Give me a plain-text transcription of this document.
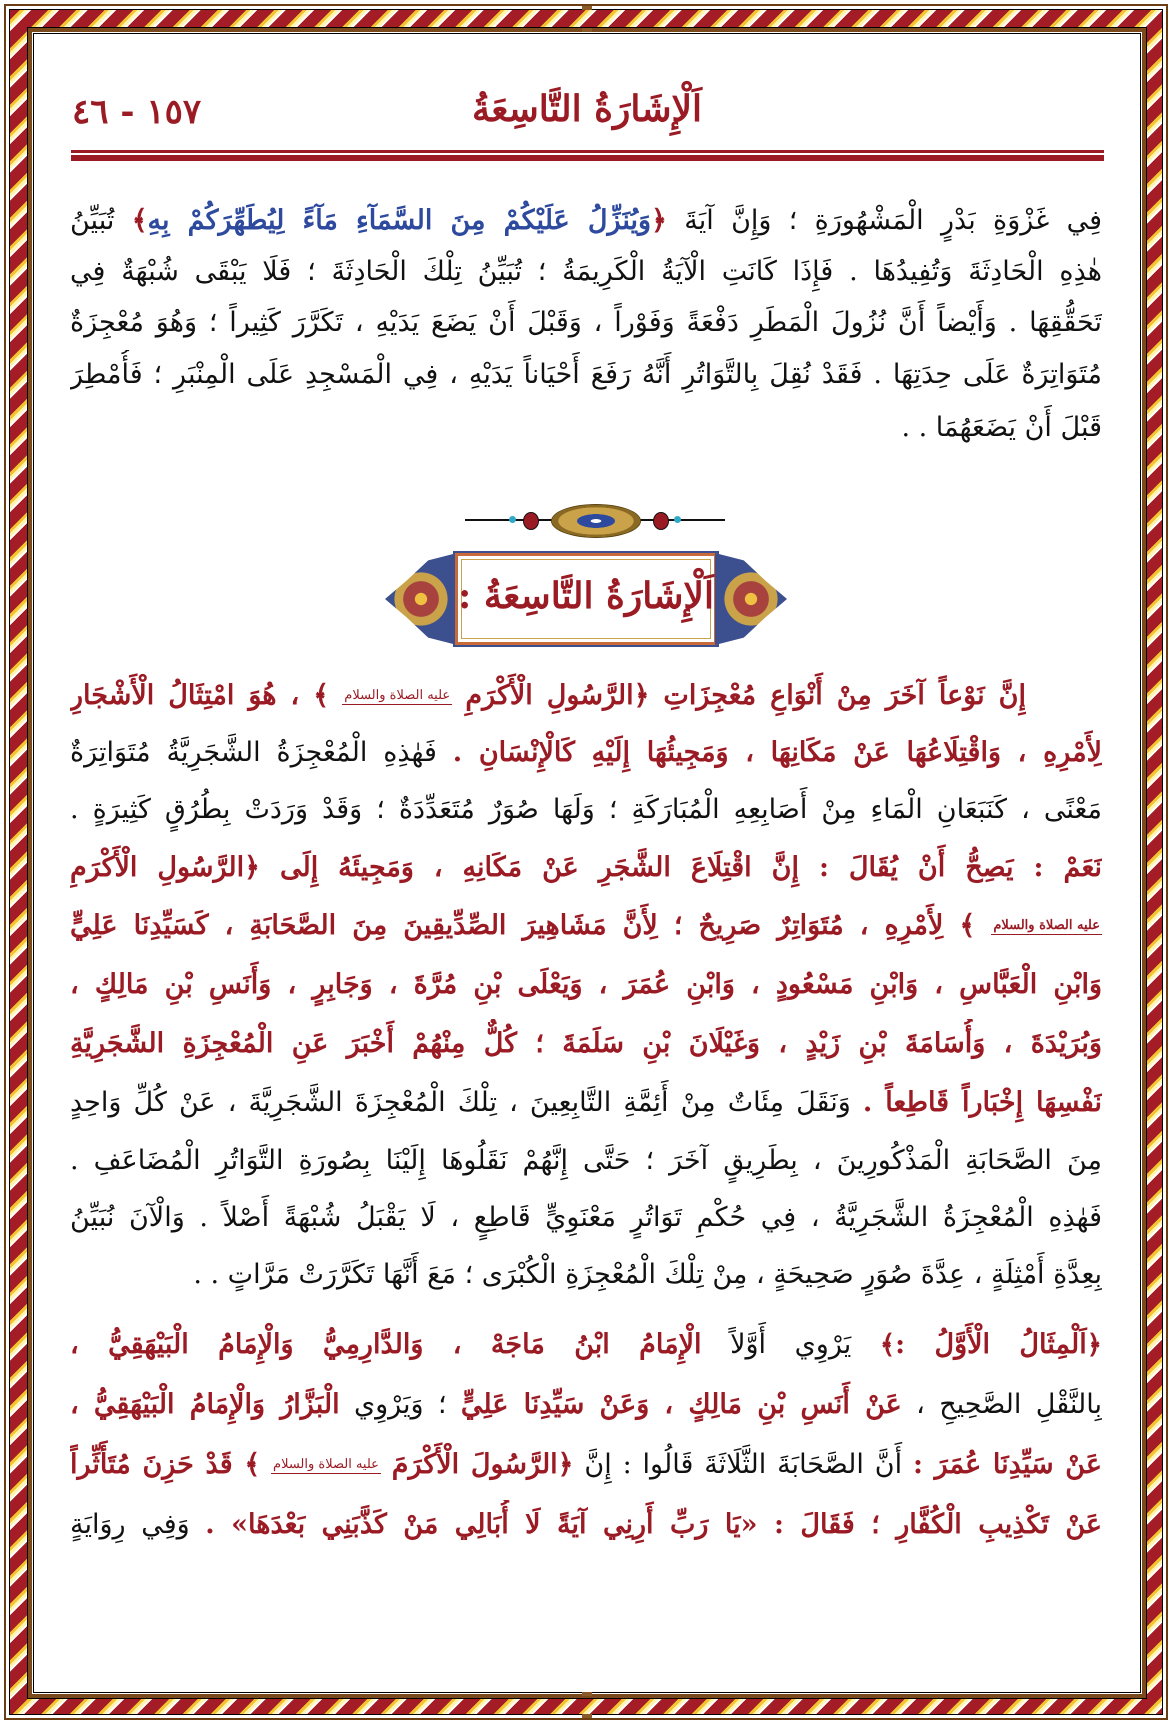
اَلْإِشَارَةُ التَّاسِعَةُ
١٥٧ - ٤٦
فِي غَزْوَةِ بَدْرٍ الْمَشْهُورَةِ ؛ وَإِنَّ آيَةَ ﴿وَيُنَزِّلُ عَلَيْكُمْ مِنَ السَّمَآءِ مَآءً لِيُطَهِّرَكُمْ بِهِ﴾ تُبَيِّنُ
هٰذِهِ الْحَادِثَةَ وَتُفِيدُهَا . فَإِذَا كَانَتِ الْآيَةُ الْكَرِيمَةُ ؛ تُبَيِّنُ تِلْكَ الْحَادِثَةَ ؛ فَلَا يَبْقَى شُبْهَةٌ فِي
تَحَقُّقِهَا . وَأَيْضاً أَنَّ نُزُولَ الْمَطَرِ دَفْعَةً وَفَوْراً ، وَقَبْلَ أَنْ يَضَعَ يَدَيْهِ ، تَكَرَّرَ كَثِيراً ؛ وَهُوَ مُعْجِزَةٌ
مُتَوَاتِرَةٌ عَلَى حِدَتِهَا . فَقَدْ نُقِلَ بِالتَّوَاتُرِ أَنَّهُ رَفَعَ أَحْيَاناً يَدَيْهِ ، فِي الْمَسْجِدِ عَلَى الْمِنْبَرِ ؛ فَأُمْطِرَ
قَبْلَ أَنْ يَضَعَهُمَا . .
اَلْإِشَارَةُ التَّاسِعَةُ :
إِنَّ نَوْعاً آخَرَ مِنْ أَنْوَاعِ مُعْجِزَاتِ ﴿الرَّسُولِ الْأَكْرَمِ عليه الصلاة والسلام ﴾ ، هُوَ امْتِثَالُ الْأَشْجَارِ
لِأَمْرِهِ ، وَاقْتِلَاعُهَا عَنْ مَكَانِهَا ، وَمَجِيئُهَا إِلَيْهِ كَالْإِنْسَانِ . فَهٰذِهِ الْمُعْجِزَةُ الشَّجَرِيَّةُ مُتَوَاتِرَةٌ
مَعْنًى ، كَنَبَعَانِ الْمَاءِ مِنْ أَصَابِعِهِ الْمُبَارَكَةِ ؛ وَلَهَا صُوَرٌ مُتَعَدِّدَةٌ ؛ وَقَدْ وَرَدَتْ بِطُرُقٍ كَثِيرَةٍ .
نَعَمْ : يَصِحُّ أَنْ يُقَالَ : إِنَّ اقْتِلَاعَ الشَّجَرِ عَنْ مَكَانِهِ ، وَمَجِيئَهُ إِلَى ﴿الرَّسُولِ الْأَكْرَمِ
عليه الصلاة والسلام ﴾ لِأَمْرِهِ ، مُتَوَاتِرٌ صَرِيحٌ ؛ لِأَنَّ مَشَاهِيرَ الصِّدِّيقِينَ مِنَ الصَّحَابَةِ ، كَسَيِّدِنَا عَلِيٍّ
وَابْنِ الْعَبَّاسِ ، وَابْنِ مَسْعُودٍ ، وَابْنِ عُمَرَ ، وَيَعْلَى بْنِ مُرَّةَ ، وَجَابِرٍ ، وَأَنَسِ بْنِ مَالِكٍ ،
وَبُرَيْدَةَ ، وَأُسَامَةَ بْنِ زَيْدٍ ، وَغَيْلَانَ بْنِ سَلَمَةَ ؛ كُلٌّ مِنْهُمْ أَخْبَرَ عَنِ الْمُعْجِزَةِ الشَّجَرِيَّةِ
نَفْسِهَا إِخْبَاراً قَاطِعاً . وَنَقَلَ مِئَاتٌ مِنْ أَئِمَّةِ التَّابِعِينَ ، تِلْكَ الْمُعْجِزَةَ الشَّجَرِيَّةَ ، عَنْ كُلِّ وَاحِدٍ
مِنَ الصَّحَابَةِ الْمَذْكُورِينَ ، بِطَرِيقٍ آخَرَ ؛ حَتَّى إِنَّهُمْ نَقَلُوهَا إِلَيْنَا بِصُورَةِ التَّوَاتُرِ الْمُضَاعَفِ .
فَهٰذِهِ الْمُعْجِزَةُ الشَّجَرِيَّةُ ، فِي حُكْمِ تَوَاتُرٍ مَعْنَوِيٍّ قَاطِعٍ ، لَا يَقْبَلُ شُبْهَةً أَصْلاً . وَالْآنَ نُبَيِّنُ
بِعِدَّةِ أَمْثِلَةٍ ، عِدَّةَ صُوَرٍ صَحِيحَةٍ ، مِنْ تِلْكَ الْمُعْجِزَةِ الْكُبْرَى ؛ مَعَ أَنَّهَا تَكَرَّرَتْ مَرَّاتٍ . .
﴿اَلْمِثَالُ الْأَوَّلُ :﴾ يَرْوِي أَوَّلاً الْإِمَامُ ابْنُ مَاجَهْ ، وَالدَّارِمِيُّ وَالْإِمَامُ الْبَيْهَقِيُّ ،
بِالنَّقْلِ الصَّحِيحِ ، عَنْ أَنَسِ بْنِ مَالِكٍ ، وَعَنْ سَيِّدِنَا عَلِيٍّ ؛ وَيَرْوِي الْبَزَّارُ وَالْإِمَامُ الْبَيْهَقِيُّ ،
عَنْ سَيِّدِنَا عُمَرَ : أَنَّ الصَّحَابَةَ الثَّلَاثَةَ قَالُوا : إِنَّ ﴿الرَّسُولَ الْأَكْرَمَ عليه الصلاة والسلام ﴾ قَدْ حَزِنَ مُتَأَثِّراً
عَنْ تَكْذِيبِ الْكُفَّارِ ؛ فَقَالَ : «يَا رَبِّ أَرِنِي آيَةً لَا أُبَالِي مَنْ كَذَّبَنِي بَعْدَهَا» . وَفِي رِوَايَةٍ
